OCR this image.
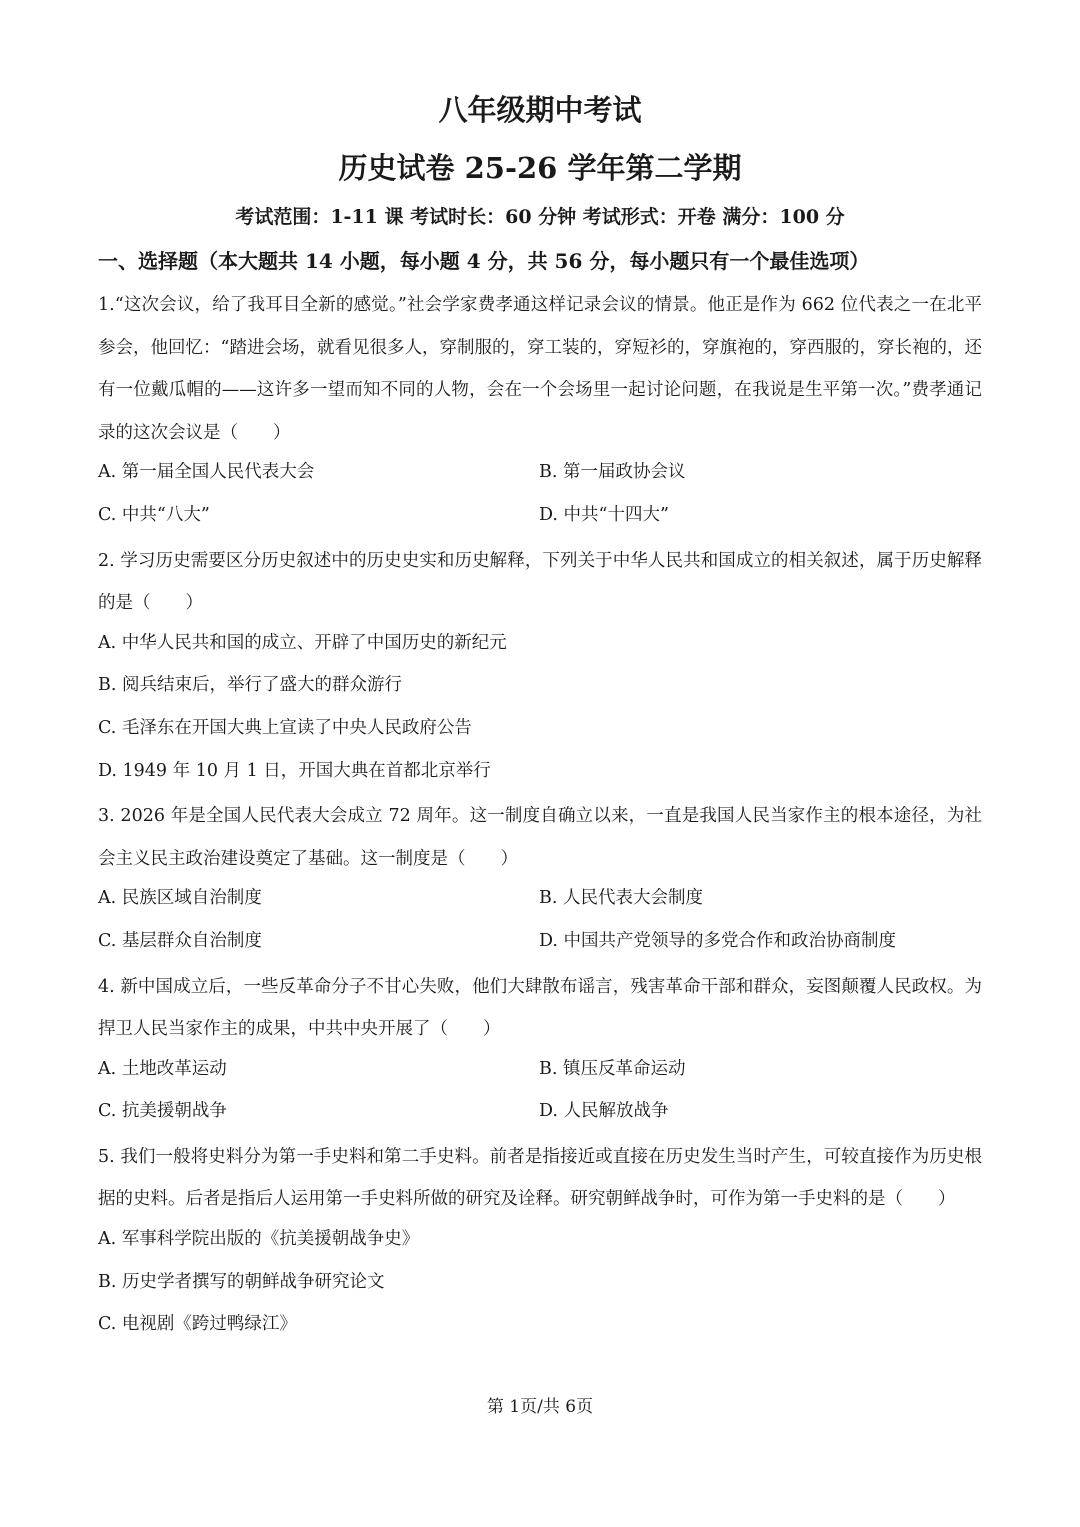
八年级期中考试
历史试卷 25-26 学年第二学期
考试范围：1-11 课 考试时长：60 分钟 考试形式：开卷 满分：100 分
一、选择题（本大题共 14 小题，每小题 4 分，共 56 分，每小题只有一个最佳选项）
1.“这次会议，给了我耳目全新的感觉。”社会学家费孝通这样记录会议的情景。他正是作为 662 位代表之一在北平参会，他回忆：“踏进会场，就看见很多人，穿制服的，穿工装的，穿短衫的，穿旗袍的，穿西服的，穿长袍的，还有一位戴瓜帽的——这许多一望而知不同的人物，会在一个会场里一起讨论问题，在我说是生平第一次。”费孝通记录的这次会议是（　　）
A. 第一届全国人民代表大会	B. 第一届政协会议
C. 中共“八大”	D. 中共“十四大”
2. 学习历史需要区分历史叙述中的历史史实和历史解释，下列关于中华人民共和国成立的相关叙述，属于历史解释的是（　　）
A. 中华人民共和国的成立、开辟了中国历史的新纪元
B. 阅兵结束后，举行了盛大的群众游行
C. 毛泽东在开国大典上宣读了中央人民政府公告
D. 1949 年 10 月 1 日，开国大典在首都北京举行
3. 2026 年是全国人民代表大会成立 72 周年。这一制度自确立以来，一直是我国人民当家作主的根本途径，为社会主义民主政治建设奠定了基础。这一制度是（　　）
A. 民族区域自治制度	B. 人民代表大会制度
C. 基层群众自治制度	D. 中国共产党领导的多党合作和政治协商制度
4. 新中国成立后，一些反革命分子不甘心失败，他们大肆散布谣言，残害革命干部和群众，妄图颠覆人民政权。为捍卫人民当家作主的成果，中共中央开展了（　　）
A. 土地改革运动	B. 镇压反革命运动
C. 抗美援朝战争	D. 人民解放战争
5. 我们一般将史料分为第一手史料和第二手史料。前者是指接近或直接在历史发生当时产生，可较直接作为历史根据的史料。后者是指后人运用第一手史料所做的研究及诠释。研究朝鲜战争时，可作为第一手史料的是（　　）
A. 军事科学院出版的《抗美援朝战争史》
B. 历史学者撰写的朝鲜战争研究论文
C. 电视剧《跨过鸭绿江》
第 1页/共 6页
